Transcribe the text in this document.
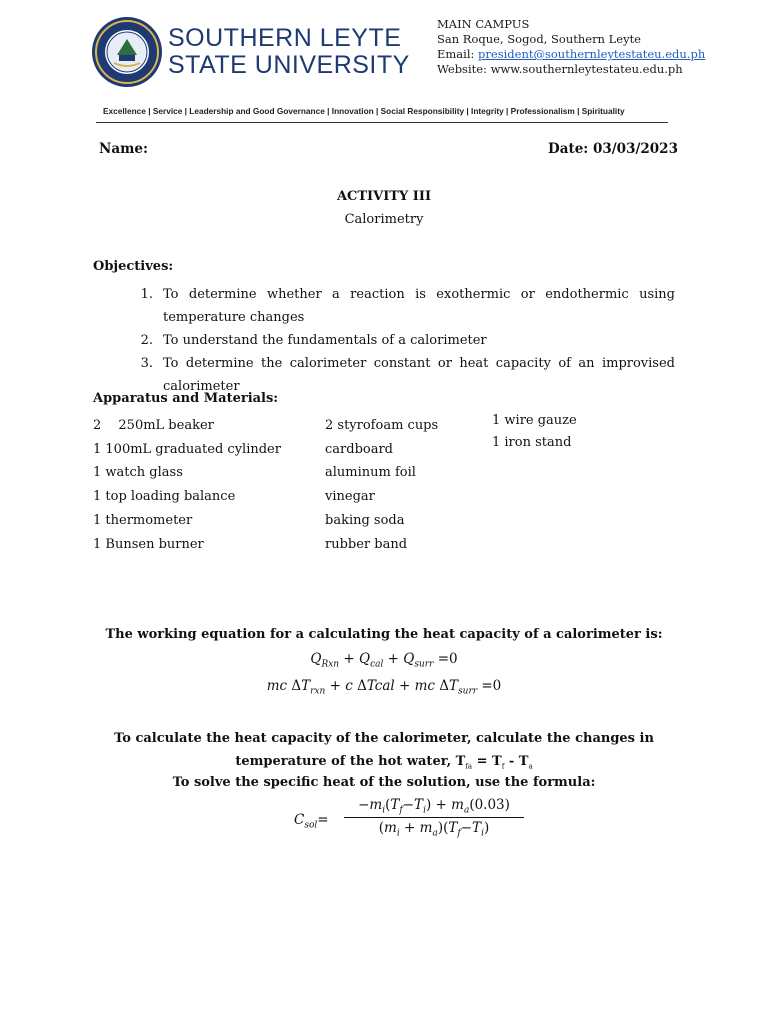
SOUTHERN LEYTE
STATE UNIVERSITY
MAIN CAMPUS
San Roque, Sogod, Southern Leyte
Email: president@southernleytestateu.edu.ph
Website: www.southernleytestateu.edu.ph
Excellence | Service | Leadership and Good Governance | Innovation | Social Responsibility | Integrity | Professionalism | Spirituality
Name:	Date: 03/03/2023
ACTIVITY III
Calorimetry
Objectives:
1. To determine whether a reaction is exothermic or endothermic using temperature changes
2. To understand the fundamentals of a calorimeter
3. To determine the calorimeter constant or heat capacity of an improvised calorimeter
Apparatus and Materials:
2  250mL beaker
1 100mL graduated cylinder
1 watch glass
1 top loading balance
1 thermometer
1 Bunsen burner
2 styrofoam cups
cardboard
aluminum foil
vinegar
baking soda
rubber band
1 wire gauze
1 iron stand
The working equation for a calculating the heat capacity of a calorimeter is:
$Q_{Rxn} + Q_{cal} + Q_{surr} =0$
mc $\Delta T_{rxn} + c$ ΔTcal + mc $\Delta T_{surr} =0$
To calculate the heat capacity of the calorimeter, calculate the changes in temperature of the hot water, $T_{fa} = T_f - T_a$
To solve the specific heat of the solution, use the formula:
$C_{sol}= \frac{-m_i(T_f-T_i) + m_a(0.03)}{(m_i + m_a)(T_f-T_i)}$
